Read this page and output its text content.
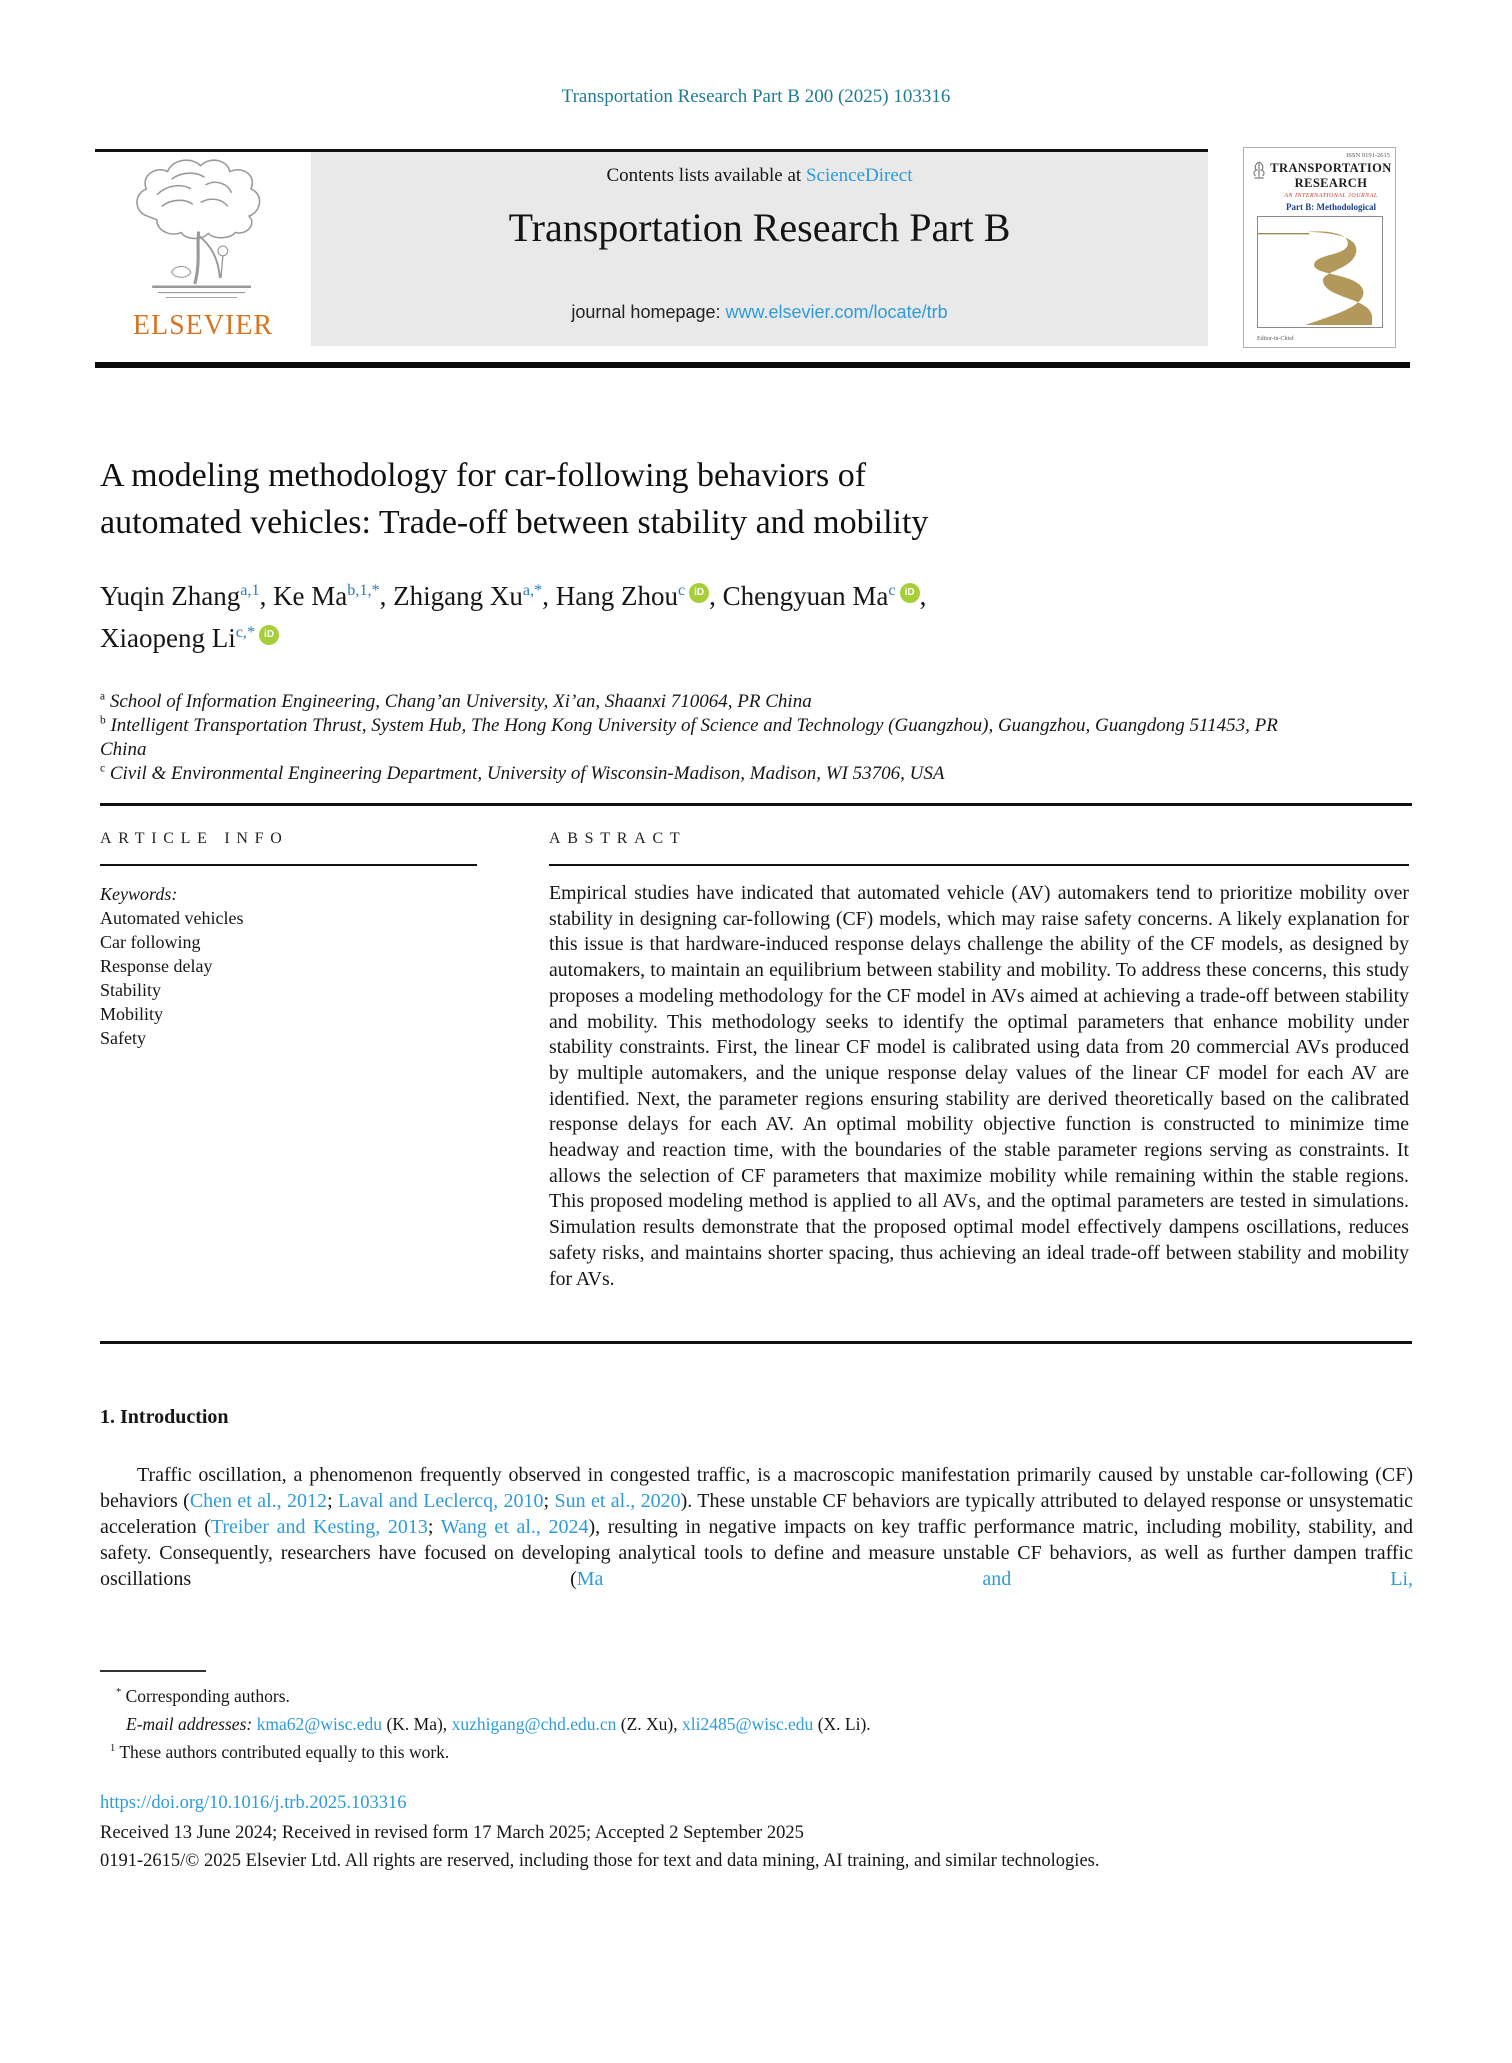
Transportation Research Part B 200 (2025) 103316
ELSEVIER
Contents lists available at ScienceDirect
Transportation Research Part B
journal homepage: www.elsevier.com/locate/trb
ISSN 0191-2615
TRANSPORTATION
RESEARCH
AN INTERNATIONAL JOURNAL
Part B: Methodological
Editor-in-Chief
A modeling methodology for car-following behaviors of
automated vehicles: Trade-off between stability and mobility
Yuqin Zhang$^{a,1}$, Ke $Ma^{b,1,*}$, Zhigang $Xu^{a,*}$, Hang Zhou$^c$ iD , Chengyuan Ma$^c$ iD ,
Xiaopeng $Li^{c,*}$ iD
$^a$ School of Information Engineering, Chang’an University, Xi’an, Shaanxi 710064, PR China
$^b$ Intelligent Transportation Thrust, System Hub, The Hong Kong University of Science and Technology (Guangzhou), Guangzhou, Guangdong 511453, PR China
$^c$ Civil & Environmental Engineering Department, University of Wisconsin-Madison, Madison, WI 53706, USA
ARTICLE INFO
Keywords:
Automated vehicles
Car following
Response delay
Stability
Mobility
Safety
ABSTRACT
Empirical studies have indicated that automated vehicle (AV) automakers tend to prioritize mobility over stability in designing car-following (CF) models, which may raise safety concerns. A likely explanation for this issue is that hardware-induced response delays challenge the ability of the CF models, as designed by automakers, to maintain an equilibrium between stability and mobility. To address these concerns, this study proposes a modeling methodology for the CF model in AVs aimed at achieving a trade-off between stability and mobility. This methodology seeks to identify the optimal parameters that enhance mobility under stability constraints. First, the linear CF model is calibrated using data from 20 commercial AVs produced by multiple automakers, and the unique response delay values of the linear CF model for each AV are identified. Next, the parameter regions ensuring stability are derived theoretically based on the calibrated response delays for each AV. An optimal mobility objective function is constructed to minimize time headway and reaction time, with the boundaries of the stable parameter regions serving as constraints. It allows the selection of CF parameters that maximize mobility while remaining within the stable regions. This proposed modeling method is applied to all AVs, and the optimal parameters are tested in simulations. Simulation results demonstrate that the proposed optimal model effectively dampens oscillations, reduces safety risks, and maintains shorter spacing, thus achieving an ideal trade-off between stability and mobility for AVs.
1. Introduction
Traffic oscillation, a phenomenon frequently observed in congested traffic, is a macroscopic manifestation primarily caused by unstable car-following (CF) behaviors (Chen et al., 2012; Laval and Leclercq, 2010; Sun et al., 2020). These unstable CF behaviors are typically attributed to delayed response or unsystematic acceleration (Treiber and Kesting, 2013; Wang et al., 2024), resulting in negative impacts on key traffic performance matric, including mobility, stability, and safety. Consequently, researchers have focused on developing analytical tools to define and measure unstable CF behaviors, as well as further dampen traffic oscillations (Ma and Li,
* Corresponding authors.
E-mail addresses: kma62@wisc.edu (K. Ma), xuzhigang@chd.edu.cn (Z. Xu), xli2485@wisc.edu (X. Li).
$^1$ These authors contributed equally to this work.
https://doi.org/10.1016/j.trb.2025.103316
Received 13 June 2024; Received in revised form 17 March 2025; Accepted 2 September 2025
0191-2615/© 2025 Elsevier Ltd. All rights are reserved, including those for text and data mining, AI training, and similar technologies.
